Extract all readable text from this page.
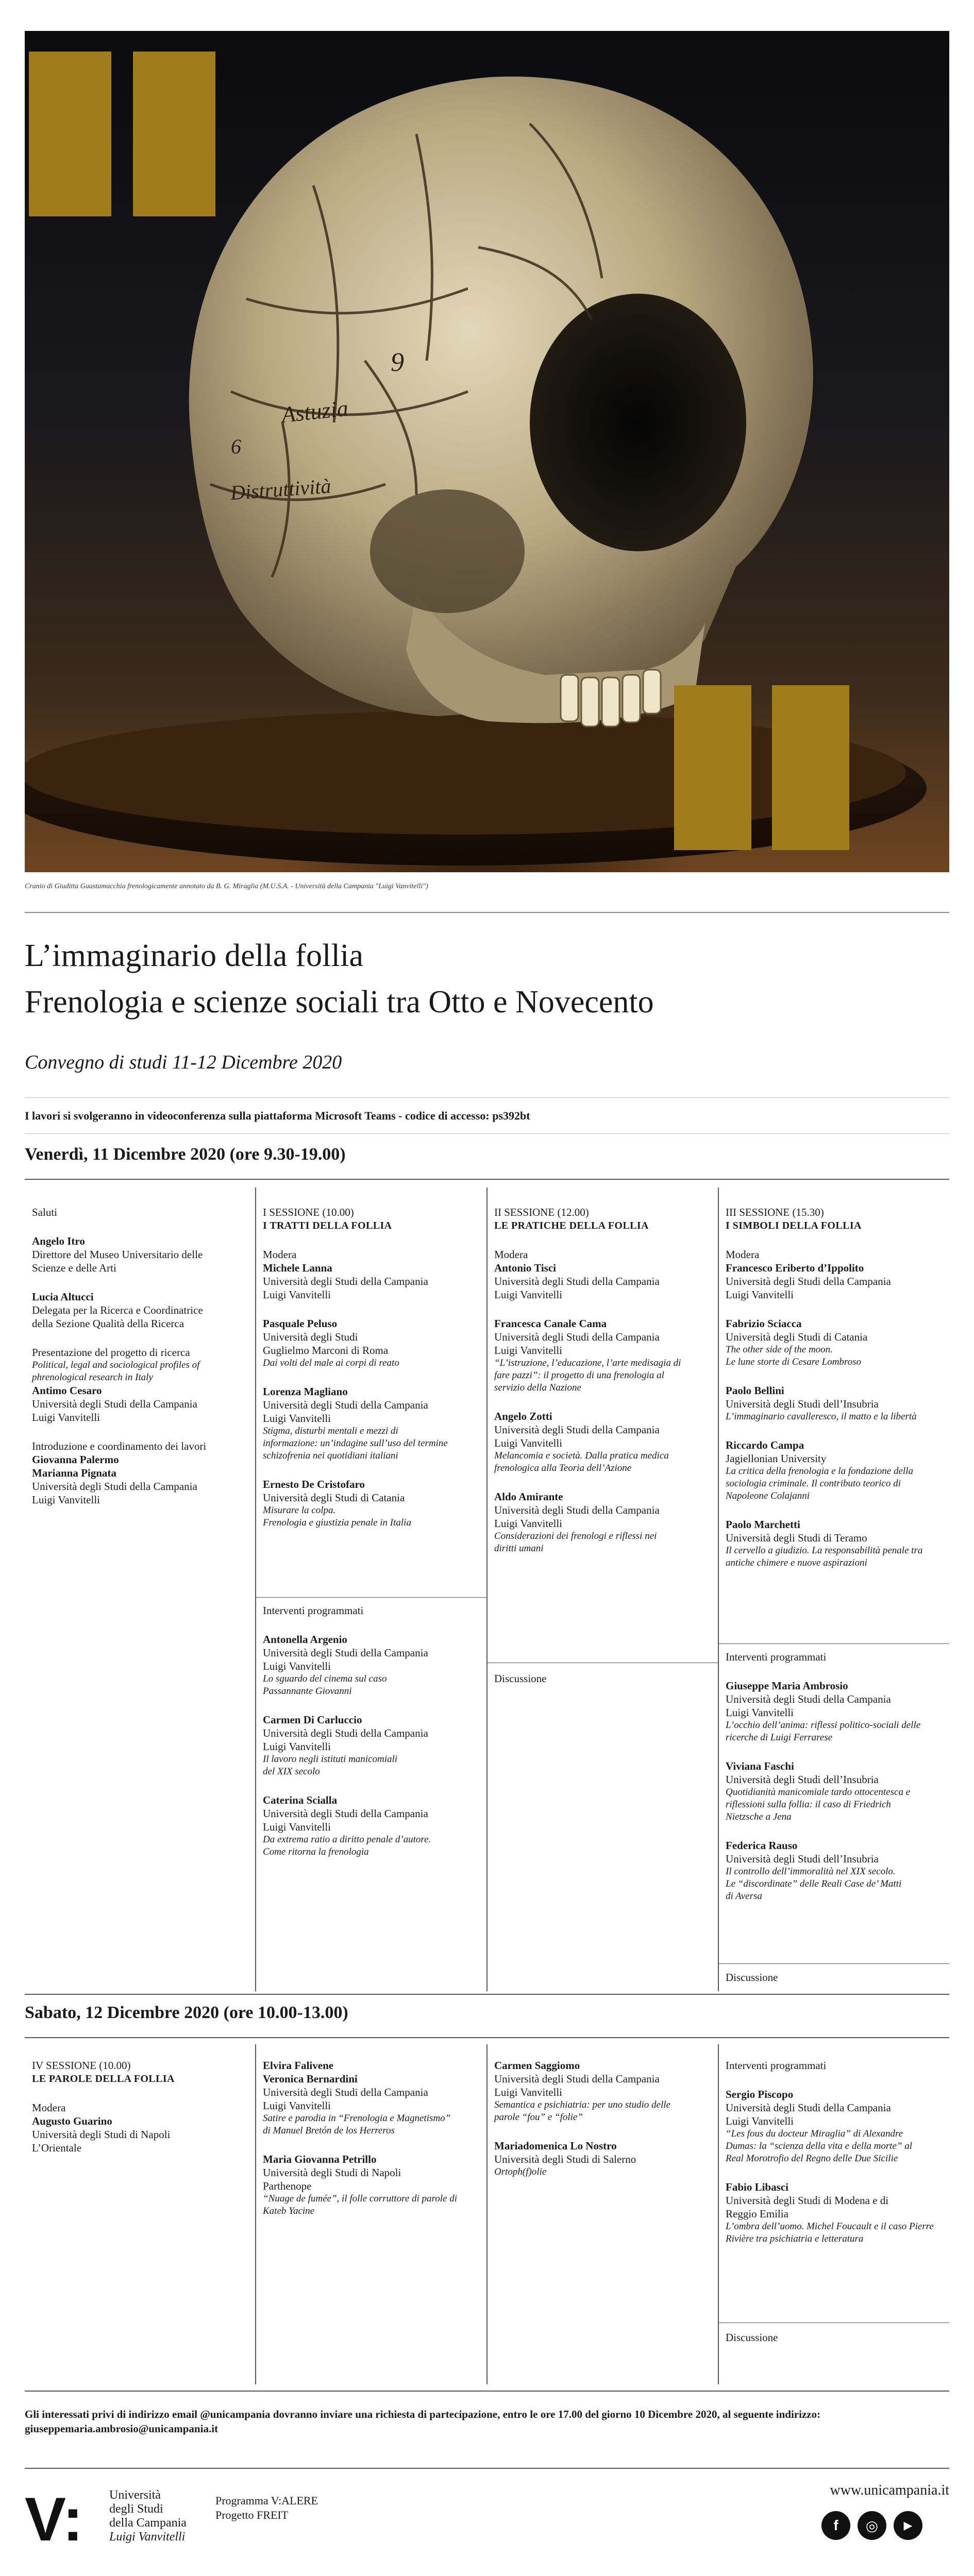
9
Astuzia
6
Distruttività
Cranio di Giuditta Guastamacchia frenologicamente annotato da B. G. Miraglia (M.U.S.A. - Università della Campania "Luigi Vanvitelli")
L’immaginario della follia
Frenologia e scienze sociali tra Otto e Novecento
Convegno di studi 11-12 Dicembre 2020
I lavori si svolgeranno in videoconferenza sulla piattaforma Microsoft Teams - codice di accesso: ps392bt
Venerdì, 11 Dicembre 2020 (ore 9.30-19.00)
Saluti
Angelo Itro
Direttore del Museo Universitario delle
Scienze e delle Arti
Lucia Altucci
Delegata per la Ricerca e Coordinatrice
della Sezione Qualità della Ricerca
Presentazione del progetto di ricerca
Political, legal and sociological profiles of
phrenological research in Italy
Antimo Cesaro
Università degli Studi della Campania
Luigi Vanvitelli
Introduzione e coordinamento dei lavori
Giovanna Palermo
Marianna Pignata
Università degli Studi della Campania
Luigi Vanvitelli
I SESSIONE (10.00)
I TRATTI DELLA FOLLIA
Modera
Michele Lanna
Università degli Studi della Campania
Luigi Vanvitelli
Pasquale Peluso
Università degli Studi
Guglielmo Marconi di Roma
Dai volti del male ai corpi di reato
Lorenza Magliano
Università degli Studi della Campania
Luigi Vanvitelli
Stigma, disturbi mentali e mezzi di
informazione: un’indagine sull’uso del termine
schizofrenia nei quotidiani italiani
Ernesto De Cristofaro
Università degli Studi di Catania
Misurare la colpa.
Frenologia e giustizia penale in Italia
Interventi programmati
Antonella Argenio
Università degli Studi della Campania
Luigi Vanvitelli
Lo sguardo del cinema sul caso
Passannante Giovanni
Carmen Di Carluccio
Università degli Studi della Campania
Luigi Vanvitelli
Il lavoro negli istituti manicomiali
del XIX secolo
Caterina Scialla
Università degli Studi della Campania
Luigi Vanvitelli
Da extrema ratio a diritto penale d’autore.
Come ritorna la frenologia
II SESSIONE (12.00)
LE PRATICHE DELLA FOLLIA
Modera
Antonio Tisci
Università degli Studi della Campania
Luigi Vanvitelli
Francesca Canale Cama
Università degli Studi della Campania
Luigi Vanvitelli
“L’istruzione, l’educazione, l’arte medisagia di
fare pazzi”: il progetto di una frenologia al
servizio della Nazione
Angelo Zotti
Università degli Studi della Campania
Luigi Vanvitelli
Melancomia e società. Dalla pratica medica
frenologica alla Teoria dell’Azione
Aldo Amirante
Università degli Studi della Campania
Luigi Vanvitelli
Considerazioni dei frenologi e riflessi nei
diritti umani
Discussione
III SESSIONE (15.30)
I SIMBOLI DELLA FOLLIA
Modera
Francesco Eriberto d’Ippolito
Università degli Studi della Campania
Luigi Vanvitelli
Fabrizio Sciacca
Università degli Studi di Catania
The other side of the moon.
Le lune storte di Cesare Lombroso
Paolo Bellini
Università degli Studi dell’Insubria
L’immaginario cavalleresco, il matto e la libertà
Riccardo Campa
Jagiellonian University
La critica della frenologia e la fondazione della
sociologia criminale. Il contributo teorico di
Napoleone Colajanni
Paolo Marchetti
Università degli Studi di Teramo
Il cervello a giudizio. La responsabilità penale tra
antiche chimere e nuove aspirazioni
Interventi programmati
Giuseppe Maria Ambrosio
Università degli Studi della Campania
Luigi Vanvitelli
L’occhio dell’anima: riflessi politico-sociali delle
ricerche di Luigi Ferrarese
Viviana Faschi
Università degli Studi dell’Insubria
Quotidianità manicomiale tardo ottocentesca e
riflessioni sulla follia: il caso di Friedrich
Nietzsche a Jena
Federica Rauso
Università degli Studi dell’Insubria
Il controllo dell’immoralità nel XIX secolo.
Le “discordinate” delle Reali Case de’ Matti
di Aversa
Discussione
Sabato, 12 Dicembre 2020 (ore 10.00-13.00)
IV SESSIONE (10.00)
LE PAROLE DELLA FOLLIA
Modera
Augusto Guarino
Università degli Studi di Napoli
L’Orientale
Elvira Falivene
Veronica Bernardini
Università degli Studi della Campania
Luigi Vanvitelli
Satire e parodia in “Frenologia e Magnetismo”
di Manuel Bretón de los Herreros
Maria Giovanna Petrillo
Università degli Studi di Napoli
Parthenope
“Nuage de fumée”, il folle corruttore di parole di
Kateb Yacine
Carmen Saggiomo
Università degli Studi della Campania
Luigi Vanvitelli
Semantica e psichiatria: per uno studio delle
parole “fou” e “folie”
Mariadomenica Lo Nostro
Università degli Studi di Salerno
Ortoph(f)olie
Interventi programmati
Sergio Piscopo
Università degli Studi della Campania
Luigi Vanvitelli
“Les fous du docteur Miraglia” di Alexandre
Dumas: la “scienza della vita e della morte” al
Real Morotrofio del Regno delle Due Sicilie
Fabio Libasci
Università degli Studi di Modena e di
Reggio Emilia
L’ombra dell’uomo. Michel Foucault e il caso Pierre
Rivière tra psichiatria e letteratura
Discussione
Gli interessati privi di indirizzo email @unicampania dovranno inviare una richiesta di partecipazione, entro le ore 17.00 del giorno 10 Dicembre 2020, al seguente indirizzo:
giuseppemaria.ambrosio@unicampania.it
V: Università
degli Studi
della Campania
Luigi Vanvitelli
Programma V:ALERE
Progetto FREIT
www.unicampania.it
f	◎	▶
